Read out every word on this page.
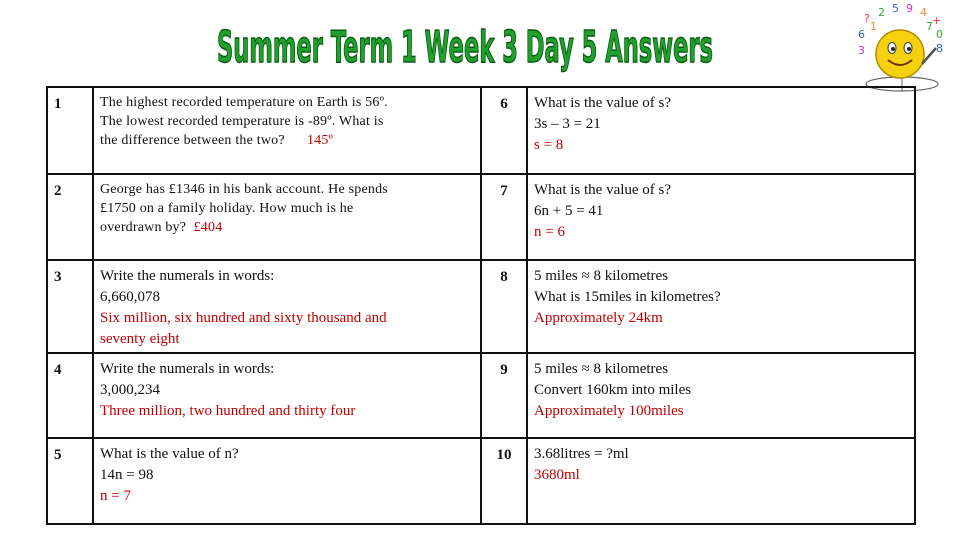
Summer Term 1 Week 3 Day 5 Answers
? 2 5 9 4
+
0
8
6
3
1	7
1	The highest recorded temperature on Earth is 56º.
The lowest recorded temperature is -89º. What is
the difference between the two? 145º	6	What is the value of s?
3s – 3 = 21
s = 8

2	George has £1346 in his bank account. He spends
£1750 on a family holiday. How much is he
overdrawn by? £404	7	What is the value of s?
6n + 5 = 41
n = 6

3	Write the numerals in words:
6,660,078
Six million, six hundred and sixty thousand and
seventy eight	8	5 miles ≈ 8 kilometres
What is 15miles in kilometres?
Approximately 24km

4	Write the numerals in words:
3,000,234
Three million, two hundred and thirty four	9	5 miles ≈ 8 kilometres
Convert 160km into miles
Approximately 100miles

5	What is the value of n?
14n = 98
n = 7	10	3.68litres = ?ml
3680ml
